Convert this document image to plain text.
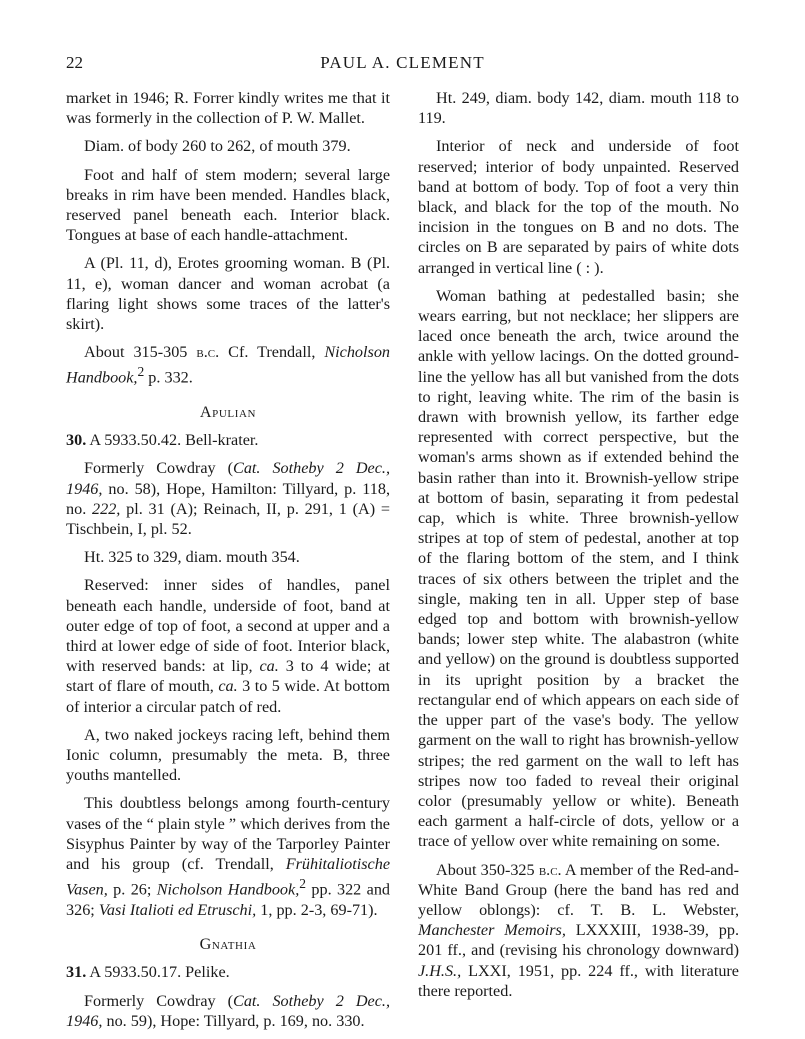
22	PAUL A. CLEMENT

market in 1946; R. Forrer kindly writes me that it was formerly in the collection of P. W. Mallet.

Diam. of body 260 to 262, of mouth 379.

Foot and half of stem modern; several large breaks in rim have been mended. Handles black, reserved panel beneath each. Interior black. Tongues at base of each handle-attachment.

A (Pl. 11, d), Erotes grooming woman. B (Pl. 11, e), woman dancer and woman acrobat (a flaring light shows some traces of the latter's skirt).

About 315-305 b.c. Cf. Trendall, Nicholson Handbook,$^2$ p. 332.

Apulian

30. A 5933.50.42. Bell-krater.

Formerly Cowdray (Cat. Sotheby 2 Dec., 1946, no. 58), Hope, Hamilton: Tillyard, p. 118, no. 222, pl. 31 (A); Reinach, II, p. 291, 1 (A) = Tischbein, I, pl. 52.

Ht. 325 to 329, diam. mouth 354.

Reserved: inner sides of handles, panel beneath each handle, underside of foot, band at outer edge of top of foot, a second at upper and a third at lower edge of side of foot. Interior black, with reserved bands: at lip, ca. 3 to 4 wide; at start of flare of mouth, ca. 3 to 5 wide. At bottom of interior a circular patch of red.

A, two naked jockeys racing left, behind them Ionic column, presumably the meta. B, three youths mantelled.

This doubtless belongs among fourth-century vases of the “ plain style ” which derives from the Sisyphus Painter by way of the Tarporley Painter and his group (cf. Trendall, Frühitaliotische Vasen, p. 26; Nicholson Handbook,$^2$ pp. 322 and 326; Vasi Italioti ed Etruschi, 1, pp. 2-3, 69-71).

Gnathia

31. A 5933.50.17. Pelike.

Formerly Cowdray (Cat. Sotheby 2 Dec., 1946, no. 59), Hope: Tillyard, p. 169, no. 330.

Ht. 249, diam. body 142, diam. mouth 118 to 119.

Interior of neck and underside of foot reserved; interior of body unpainted. Reserved band at bottom of body. Top of foot a very thin black, and black for the top of the mouth. No incision in the tongues on B and no dots. The circles on B are separated by pairs of white dots arranged in vertical line ( : ).

Woman bathing at pedestalled basin; she wears earring, but not necklace; her slippers are laced once beneath the arch, twice around the ankle with yellow lacings. On the dotted ground-line the yellow has all but vanished from the dots to right, leaving white. The rim of the basin is drawn with brownish yellow, its farther edge represented with correct perspective, but the woman's arms shown as if extended behind the basin rather than into it. Brownish-yellow stripe at bottom of basin, separating it from pedestal cap, which is white. Three brownish-yellow stripes at top of stem of pedestal, another at top of the flaring bottom of the stem, and I think traces of six others between the triplet and the single, making ten in all. Upper step of base edged top and bottom with brownish-yellow bands; lower step white. The alabastron (white and yellow) on the ground is doubtless supported in its upright position by a bracket the rectangular end of which appears on each side of the upper part of the vase's body. The yellow garment on the wall to right has brownish-yellow stripes; the red garment on the wall to left has stripes now too faded to reveal their original color (presumably yellow or white). Beneath each garment a half-circle of dots, yellow or a trace of yellow over white remaining on some.

About 350-325 b.c. A member of the Red-and-White Band Group (here the band has red and yellow oblongs): cf. T. B. L. Webster, Manchester Memoirs, LXXXIII, 1938-39, pp. 201 ff., and (revising his chronology downward) J.H.S., LXXI, 1951, pp. 224 ff., with literature there reported.
